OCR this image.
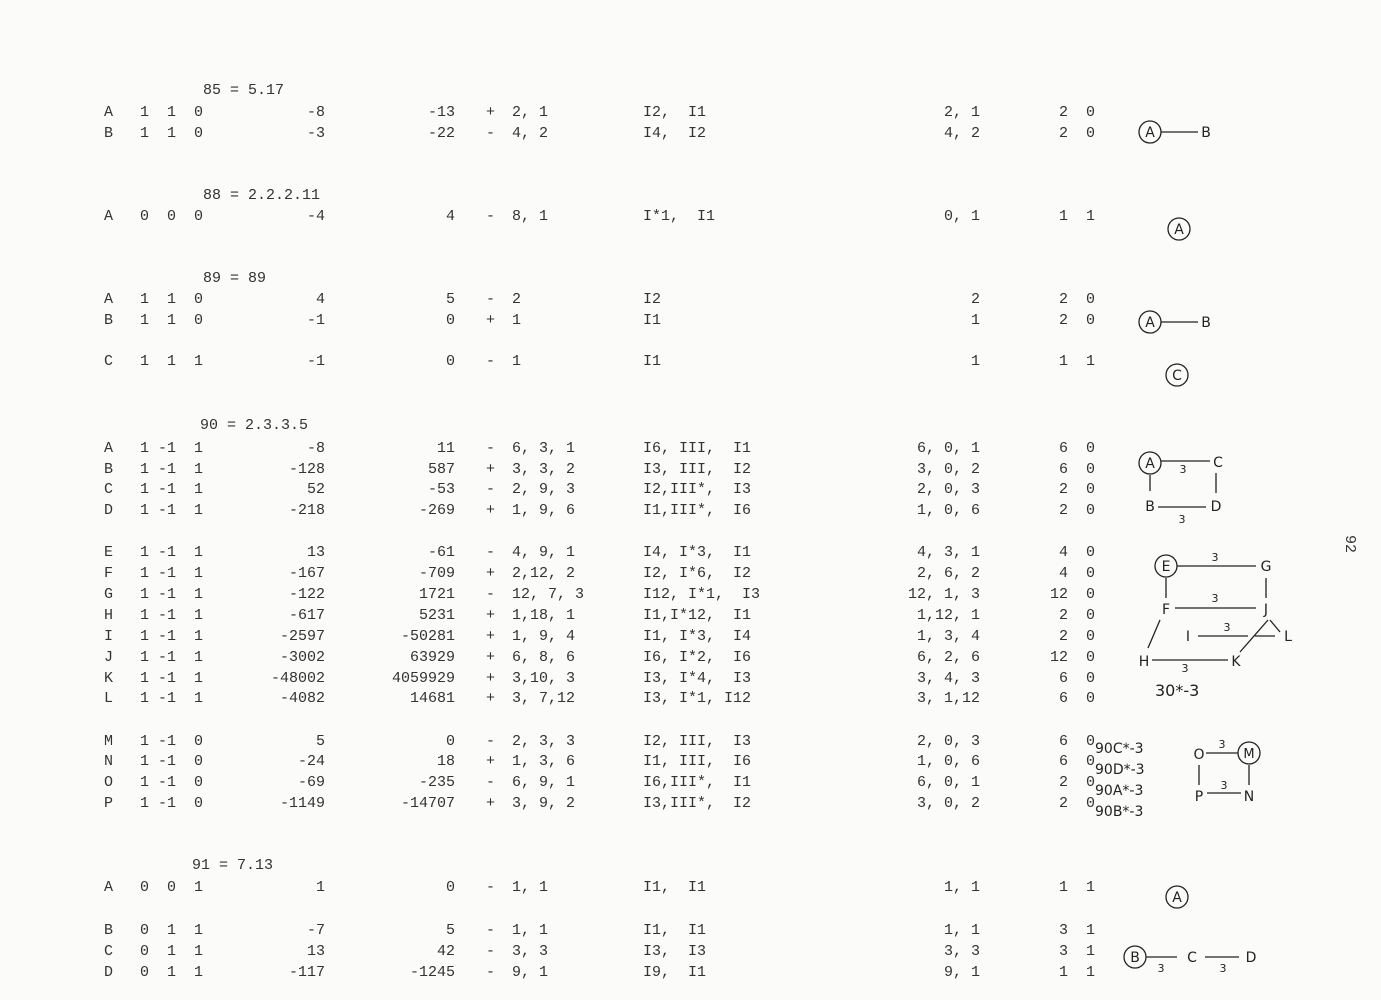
92
85 = 5.17
A	1  1  0	-8	-13 +	2, 1	I2,  I1	2, 1	2  0
B	1  1  0	-3	-22 -	4, 2	I4,  I2	4, 2	2  0
88 = 2.2.2.11
A	0  0  0	-4	4 -	8, 1	I*1,  I1	0, 1	1  1
89 = 89
A	1  1  0	4	5 -	2	I2	2	2  0
B	1  1  0	-1	0 +	1	I1	1	2  0
C	1  1  1	-1	0 -	1	I1	1	1  1
90 = 2.3.3.5
A	1 -1  1	-8	11 -	6, 3, 1	I6, III,  I1	6, 0, 1	6  0
B	1 -1  1	-128	587 +	3, 3, 2	I3, III,  I2	3, 0, 2	6  0
C	1 -1  1	52	-53 -	2, 9, 3	I2,III*,  I3	2, 0, 3	2  0
D	1 -1  1	-218	-269 +	1, 9, 6	I1,III*,  I6	1, 0, 6	2  0
E	1 -1  1	13	-61 -	4, 9, 1	I4, I*3,  I1	4, 3, 1	4  0
F	1 -1  1	-167	-709 +	2,12, 2	I2, I*6,  I2	2, 6, 2	4  0
G	1 -1  1	-122	1721 -	12, 7, 3	I12, I*1,  I3	12, 1, 3	12  0
H	1 -1  1	-617	5231 +	1,18, 1	I1,I*12,  I1	1,12, 1	2  0
I	1 -1  1	-2597	-50281 +	1, 9, 4	I1, I*3,  I4	1, 3, 4	2  0
J	1 -1  1	-3002	63929 +	6, 8, 6	I6, I*2,  I6	6, 2, 6	12  0
K	1 -1  1	-48002	4059929 +	3,10, 3	I3, I*4,  I3	3, 4, 3	6  0
L	1 -1  1	-4082	14681 +	3, 7,12	I3, I*1, I12	3, 1,12	6  0
M	1 -1  0	5	0 -	2, 3, 3	I2, III,  I3	2, 0, 3	6  0
N	1 -1  0	-24	18 +	1, 3, 6	I1, III,  I6	1, 0, 6	6  0
O	1 -1  0	-69	-235 -	6, 9, 1	I6,III*,  I1	6, 0, 1	2  0
P	1 -1  0	-1149	-14707 +	3, 9, 2	I3,III*,  I2	3, 0, 2	2  0
91 = 7.13
A	0  0  1	1	0 -	1, 1	I1,  I1	1, 1	1  1
B	0  1  1	-7	5 -	1, 1	I1,  I1	1, 1	3  1
C	0  1  1	13	42 -	3, 3	I3,  I3	3, 3	3  1
D	0  1  1	-117	-1245 -	9, 1	I9,  I1	9, 1	1  1
90C*-3
90D*-3
90A*-3
90B*-3
30*-3
A	B
A
A	B
C
A 3 C
B
3
D
E
3
G
F
3
J
I
3
L
H	3	K
O
3
M
P
3
N
A
B
3
C
3
D
